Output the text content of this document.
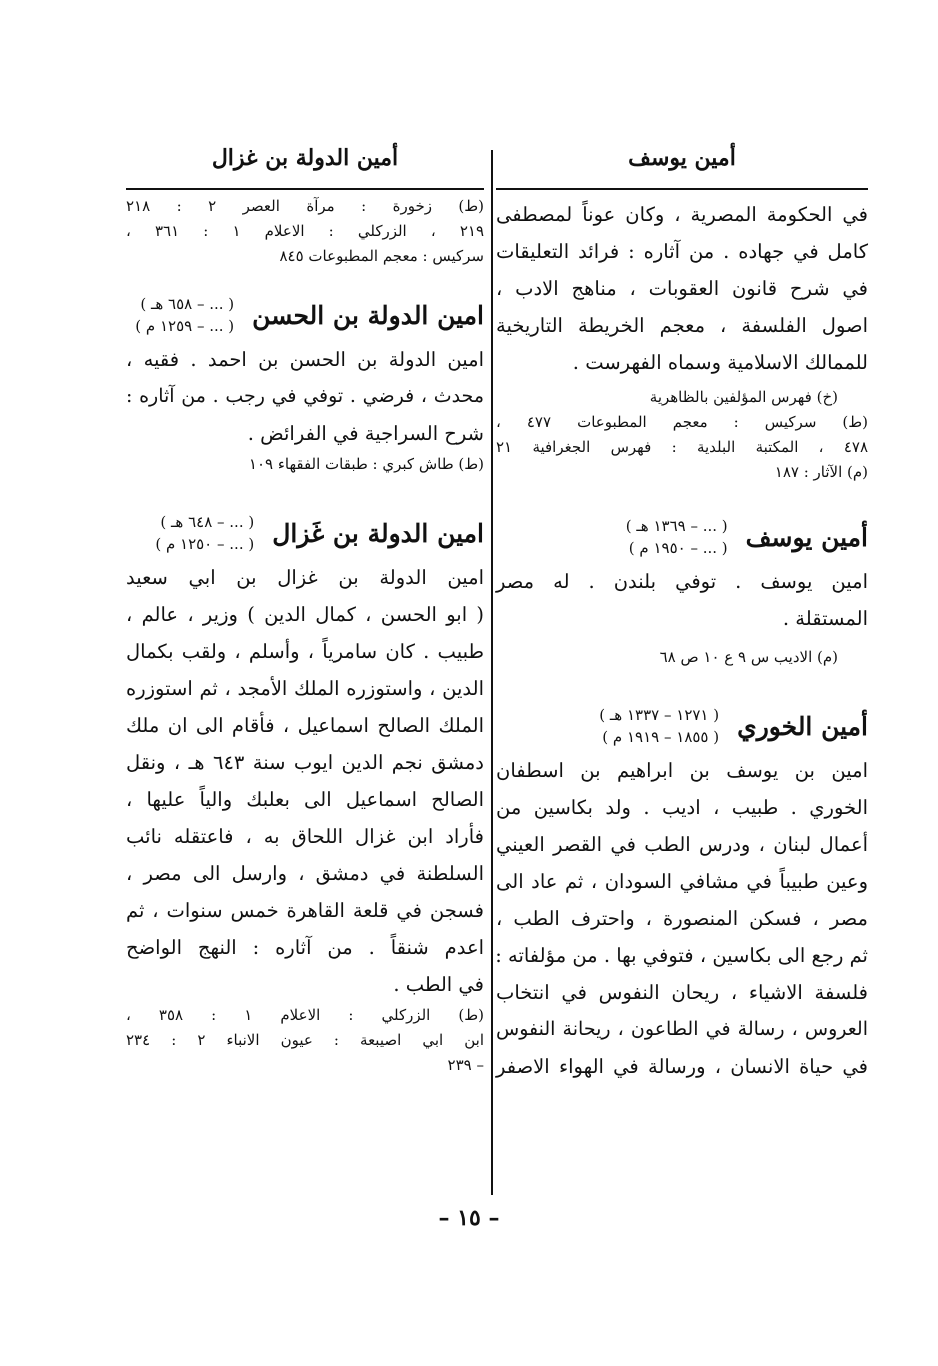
أمين يوسف
في الحكومة المصرية ، وكان عوناً لمصطفى
كامل في جهاده . من آثاره : فرائد التعليقات
في شرح قانون العقوبات ، مناهج الادب ،
اصول الفلسفة ، معجم الخريطة التاريخية
للممالك الاسلامية وسماه الفهرست .
(خ) فهرس المؤلفين بالظاهرية
(ط) سركيس : معجم المطبوعات ٤٧٧ ،
٤٧٨ ، المكتبة البلدية : فهرس الجغرافية ٢١
(م) الآثار : ١٨٧
أمين يوسف
( ... – ١٣٦٩ هـ )
( ... – ١٩٥٠ م )
امين يوسف . توفي بلندن . له مصر
المستقلة .
(م) الاديب س ٩ ع ١٠ ص ٦٨
أمين الخوري
( ١٢٧١ – ١٣٣٧ هـ )
( ١٨٥٥ – ١٩١٩ م )
امين بن يوسف بن ابراهيم بن اسطفان
الخوري . طبيب ، اديب . ولد بكاسين من
أعمال لبنان ، ودرس الطب في القصر العيني
وعين طبيباً في مشافي السودان ، ثم عاد الى
مصر ، فسكن المنصورة ، واحترف الطب ،
ثم رجع الى بكاسين ، فتوفي بها . من مؤلفاته :
فلسفة الاشياء ، ريحان النفوس في انتخاب
العروس ، رسالة في الطاعون ، ريحانة النفوس
في حياة الانسان ، ورسالة في الهواء الاصفر
أمين الدولة بن غزال
(ط) زخورة : مرآة العصر ٢ : ٢١٨
٢١٩ ، الزركلي : الاعلام ١ : ٣٦١ ،
سركيس : معجم المطبوعات ٨٤٥
امين الدولة بن الحسن
( ... – ٦٥٨ هـ )
( ... – ١٢٥٩ م )
امين الدولة بن الحسن بن احمد . فقيه ،
محدث ، فرضي . توفي في رجب . من آثاره :
شرح السراجية في الفرائض .
(ط) طاش كبري : طبقات الفقهاء ١٠٩
امين الدولة بن غَزال
( ... – ٦٤٨ هـ )
( ... – ١٢٥٠ م )
امين الدولة بن غزال بن ابي سعيد
( ابو الحسن ، كمال الدين ) وزير ، عالم ،
طبيب . كان سامرياً ، وأسلم ، ولقب بكمال
الدين ، واستوزره الملك الأمجد ، ثم استوزره
الملك الصالح اسماعيل ، فأقام الى ان ملك
دمشق نجم الدين ايوب سنة ٦٤٣ هـ ، ونقل
الصالح اسماعيل الى بعلبك والياً عليها ،
فأراد ابن غزال اللحاق به ، فاعتقله نائب
السلطنة في دمشق ، وارسل الى مصر ،
فسجن في قلعة القاهرة خمس سنوات ، ثم
اعدم شنقاً . من آثاره : النهج الواضح
في الطب .
(ط) الزركلي : الاعلام ١ : ٣٥٨ ،
ابن ابي اصيبعة : عيون الانباء ٢ : ٢٣٤
– ٢٣٩
– ١٥ –
